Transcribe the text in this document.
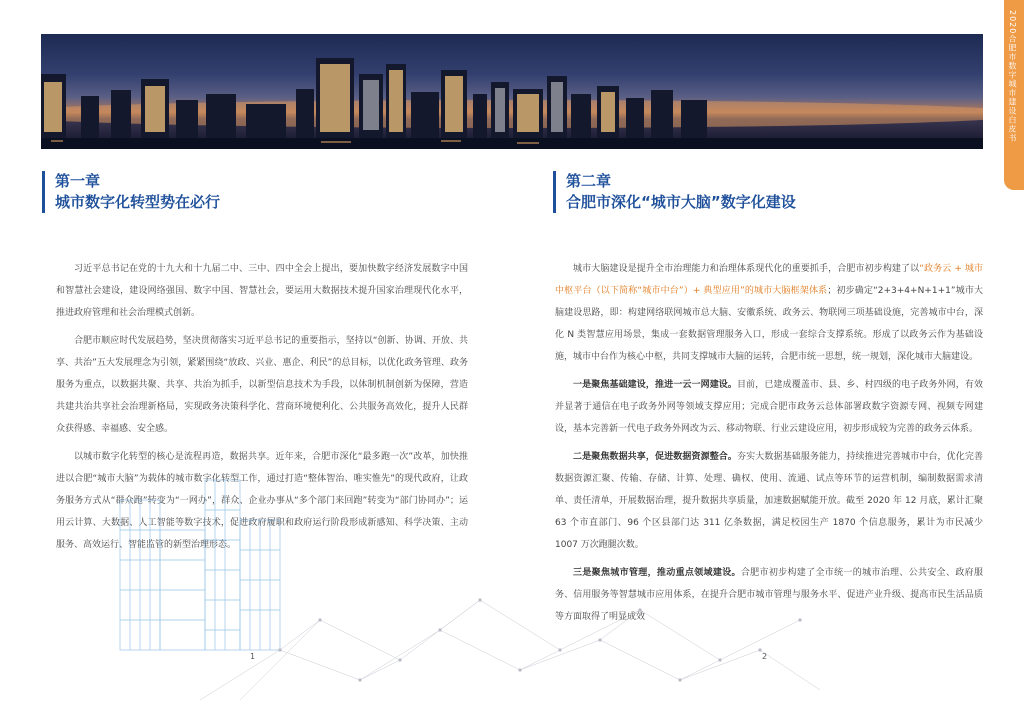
2020合肥市数字城市建设白皮书
第一章
城市数字化转型势在必行

习近平总书记在党的十九大和十九届二中、三中、四中全会上提出，要加快数字经济发展数字中国和智慧社会建设，建设网络强国、数字中国、智慧社会，要运用大数据技术提升国家治理现代化水平，推进政府管理和社会治理模式创新。

合肥市顺应时代发展趋势，坚决贯彻落实习近平总书记的重要指示，坚持以“创新、协调、开放、共享、共治”五大发展理念为引领，紧紧围绕“放政、兴业、惠企、利民”的总目标，以优化政务管理、政务服务为重点，以数据共聚、共享、共治为抓手，以新型信息技术为手段，以体制机制创新为保障，营造共建共治共享社会治理新格局，实现政务决策科学化、营商环境便利化、公共服务高效化，提升人民群众获得感、幸福感、安全感。

以城市数字化转型的核心是流程再造，数据共享。近年来，合肥市深化“最多跑一次”改革，加快推进以合肥“城市大脑”为载体的城市数字化转型工作，通过打造“整体智治、唯实惟先”的现代政府，让政务服务方式从“群众跑”转变为“一网办”，群众、企业办事从“多个部门来回跑”转变为“部门协同办”；运用云计算、大数据、人工智能等数字技术，促进政府履职和政府运行阶段形成新感知、科学决策、主动服务、高效运行、智能监管的新型治理形态。

1
第二章
合肥市深化“城市大脑”数字化建设

城市大脑建设是提升全市治理能力和治理体系现代化的重要抓手，合肥市初步构建了以“政务云 + 城市中枢平台（以下简称“城市中台”）+ 典型应用”的城市大脑框架体系；初步确定“2+3+4+N+1+1”城市大脑建设思路，即：构建网络联网城市总大脑、安徽系统、政务云、物联网三项基础设施，完善城市中台，深化 N 类智慧应用场景，集成一套数据管理服务入口，形成一套综合支撑系统。形成了以政务云作为基础设施，城市中台作为核心中枢，共同支撑城市大脑的运转，合肥市统一思想，统一规划，深化城市大脑建设。

一是聚焦基础建设，推进一云一网建设。目前，已建成覆盖市、县、乡、村四级的电子政务外网，有效并显著于通信在电子政务外网等领域支撑应用；完成合肥市政务云总体部署政数字资源专网、视频专网建设，基本完善新一代电子政务外网改为云、移动物联、行业云建设应用，初步形成较为完善的政务云体系。

二是聚焦数据共享，促进数据资源整合。夯实大数据基础服务能力，持续推进完善城市中台，优化完善数据资源汇聚、传输、存储、计算、处理、确权、使用、流通、试点等环节的运营机制，编制数据需求清单、责任清单，开展数据治理，提升数据共享质量，加速数据赋能开放。截至 2020 年 12 月底，累计汇聚 63 个市直部门、96 个区县部门达 311 亿条数据，满足校园生产 1870 个信息服务，累计为市民减少 1007 万次跑腿次数。

三是聚焦城市管理，推动重点领域建设。合肥市初步构建了全市统一的城市治理、公共安全、政府服务、信用服务等智慧城市应用体系，在提升合肥市城市管理与服务水平、促进产业升级、提高市民生活品质等方面取得了明显成效

2
